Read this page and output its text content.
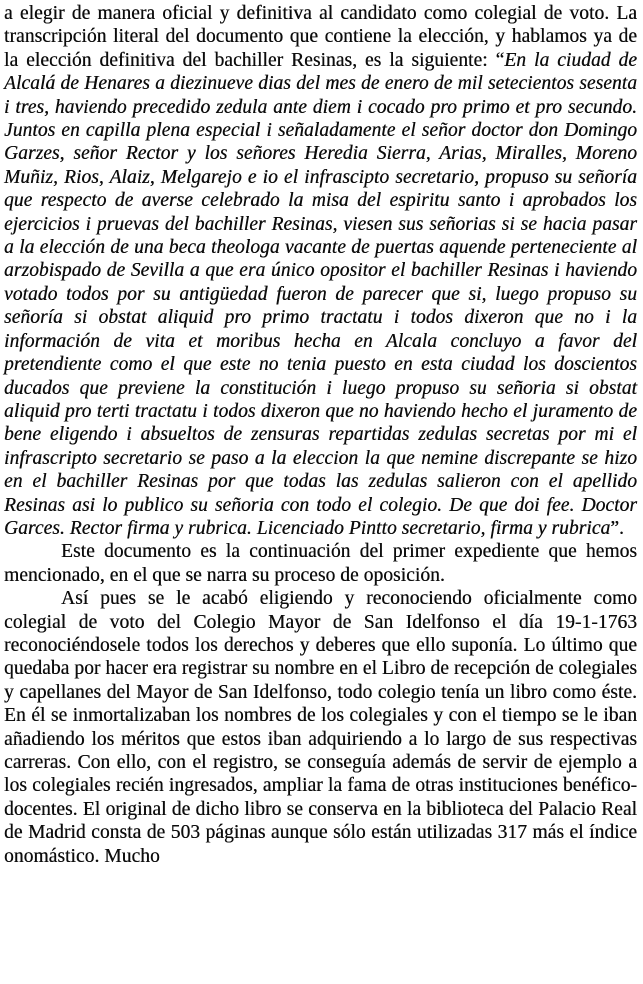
a elegir de manera oficial y definitiva al candidato como colegial de voto. La transcripción literal del documento que contiene la elección, y hablamos ya de la elección definitiva del bachiller Resinas, es la siguiente: “En la ciudad de Alcalá de Henares a diezinueve dias del mes de enero de mil setecientos sesenta i tres, haviendo precedido zedula ante diem i cocado pro primo et pro secundo. Juntos en capilla plena especial i señaladamente el señor doctor don Domingo Garzes, señor Rector y los señores Heredia Sierra, Arias, Miralles, Moreno Muñiz, Rios, Alaiz, Melgarejo e io el infrascipto secretario, propuso su señoría que respecto de averse celebrado la misa del espiritu santo i aprobados los ejercicios i pruevas del bachiller Resinas, viesen sus señorias si se hacia pasar a la elección de una beca theologa vacante de puertas aquende perteneciente al arzobispado de Sevilla a que era único opositor el bachiller Resinas i haviendo votado todos por su antigüedad fueron de parecer que si, luego propuso su señoría si obstat aliquid pro primo tractatu i todos dixeron que no i la información de vita et moribus hecha en Alcala concluyo a favor del pretendiente como el que este no tenia puesto en esta ciudad los doscientos ducados que previene la constitución i luego propuso su señoria si obstat aliquid pro terti tractatu i todos dixeron que no haviendo hecho el juramento de bene eligendo i absueltos de zensuras repartidas zedulas secretas por mi el infrascripto secretario se paso a la eleccion la que nemine discrepante se hizo en el bachiller Resinas por que todas las zedulas salieron con el apellido Resinas asi lo publico su señoria con todo el colegio. De que doi fee. Doctor Garces. Rector firma y rubrica. Licenciado Pintto secretario, firma y rubrica”.

Este documento es la continuación del primer expediente que hemos mencionado, en el que se narra su proceso de oposición.

Así pues se le acabó eligiendo y reconociendo oficialmente como colegial de voto del Colegio Mayor de San Idelfonso el día 19-1-1763 reconociéndosele todos los derechos y deberes que ello suponía. Lo último que quedaba por hacer era registrar su nombre en el Libro de recepción de colegiales y capellanes del Mayor de San Idelfonso, todo colegio tenía un libro como éste. En él se inmortalizaban los nombres de los colegiales y con el tiempo se le iban añadiendo los méritos que estos iban adquiriendo a lo largo de sus respectivas carreras. Con ello, con el registro, se conseguía además de servir de ejemplo a los colegiales recién ingresados, ampliar la fama de otras instituciones benéfico-docentes. El original de dicho libro se conserva en la biblioteca del Palacio Real de Madrid consta de 503 páginas aunque sólo están utilizadas 317 más el índice onomástico. Mucho
